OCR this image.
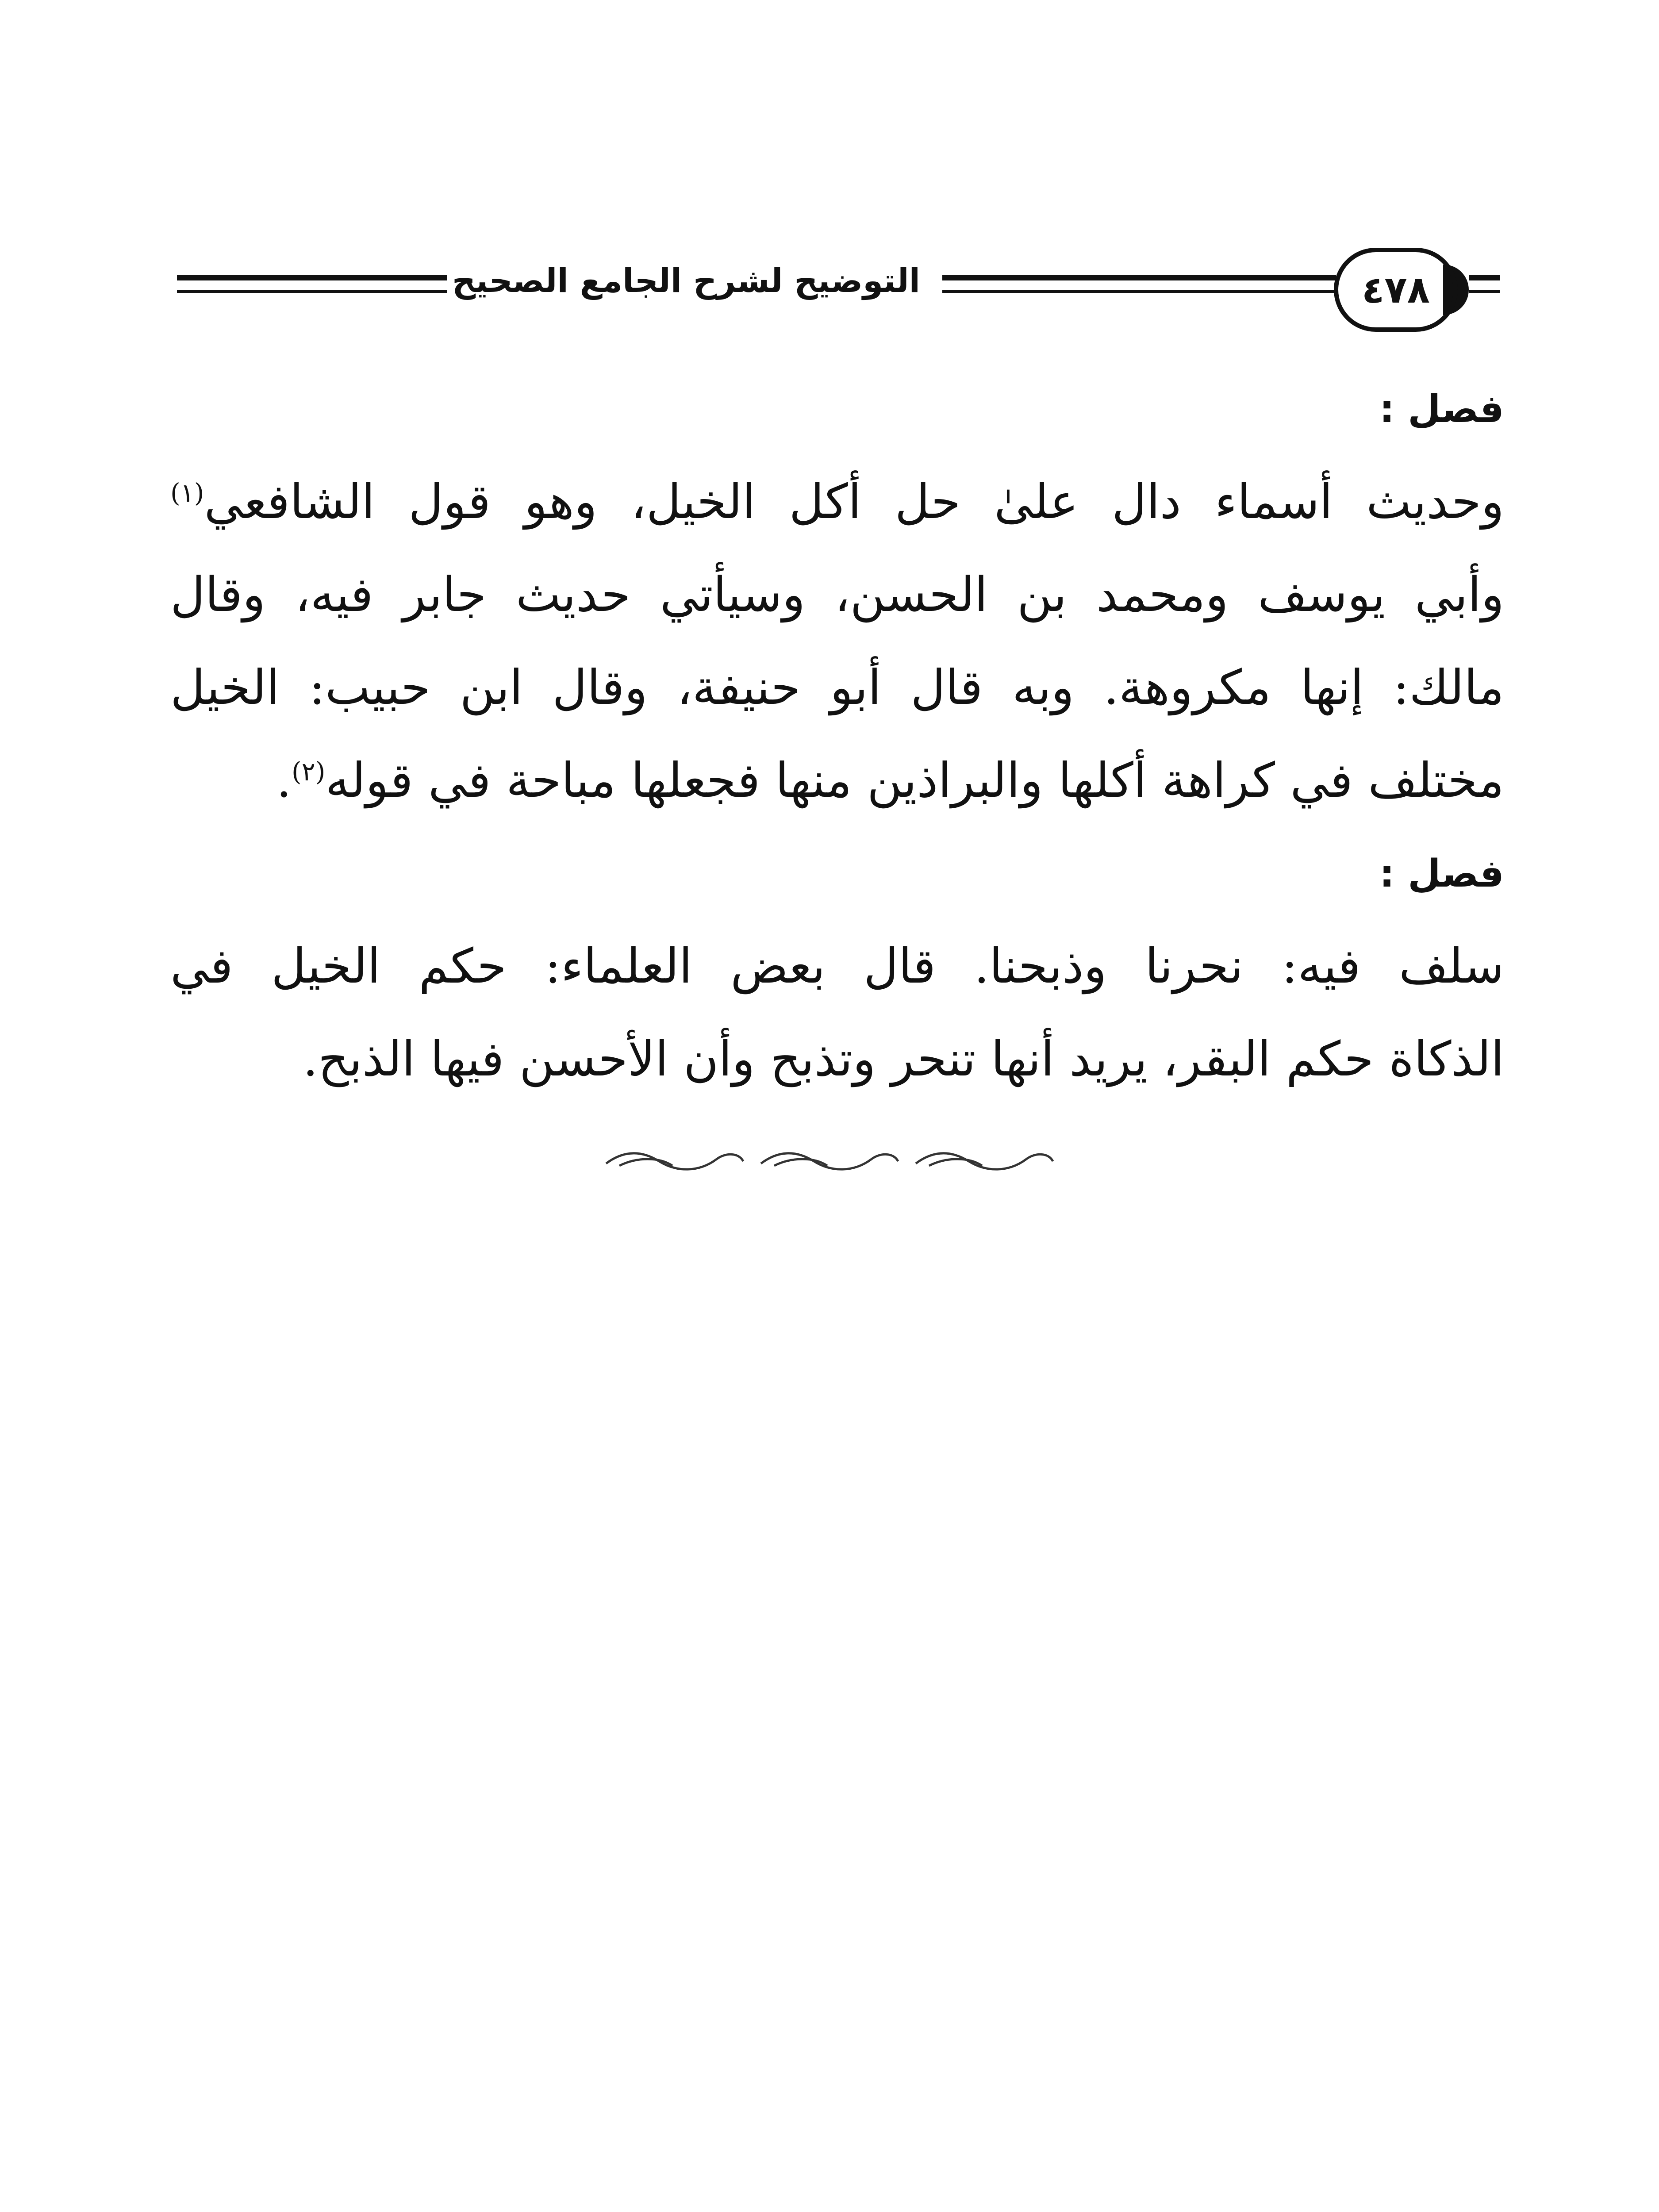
التوضيح لشرح الجامع الصحيح	٤٧٨
فصل :
وحديث أسماء دال علىٰ حل أكل الخيل، وهو قول الشافعي$^{(١)}$
وأبي يوسف ومحمد بن الحسن، وسيأتي حديث جابر فيه، وقال
مالك: إنها مكروهة. وبه قال أبو حنيفة، وقال ابن حبيب: الخيل
مختلف في كراهة أكلها والبراذين منها فجعلها مباحة في قوله$^{(٢)}$.
فصل :
سلف فيه: نحرنا وذبحنا. قال بعض العلماء: حكم الخيل في
الذكاة حكم البقر، يريد أنها تنحر وتذبح وأن الأحسن فيها الذبح.
